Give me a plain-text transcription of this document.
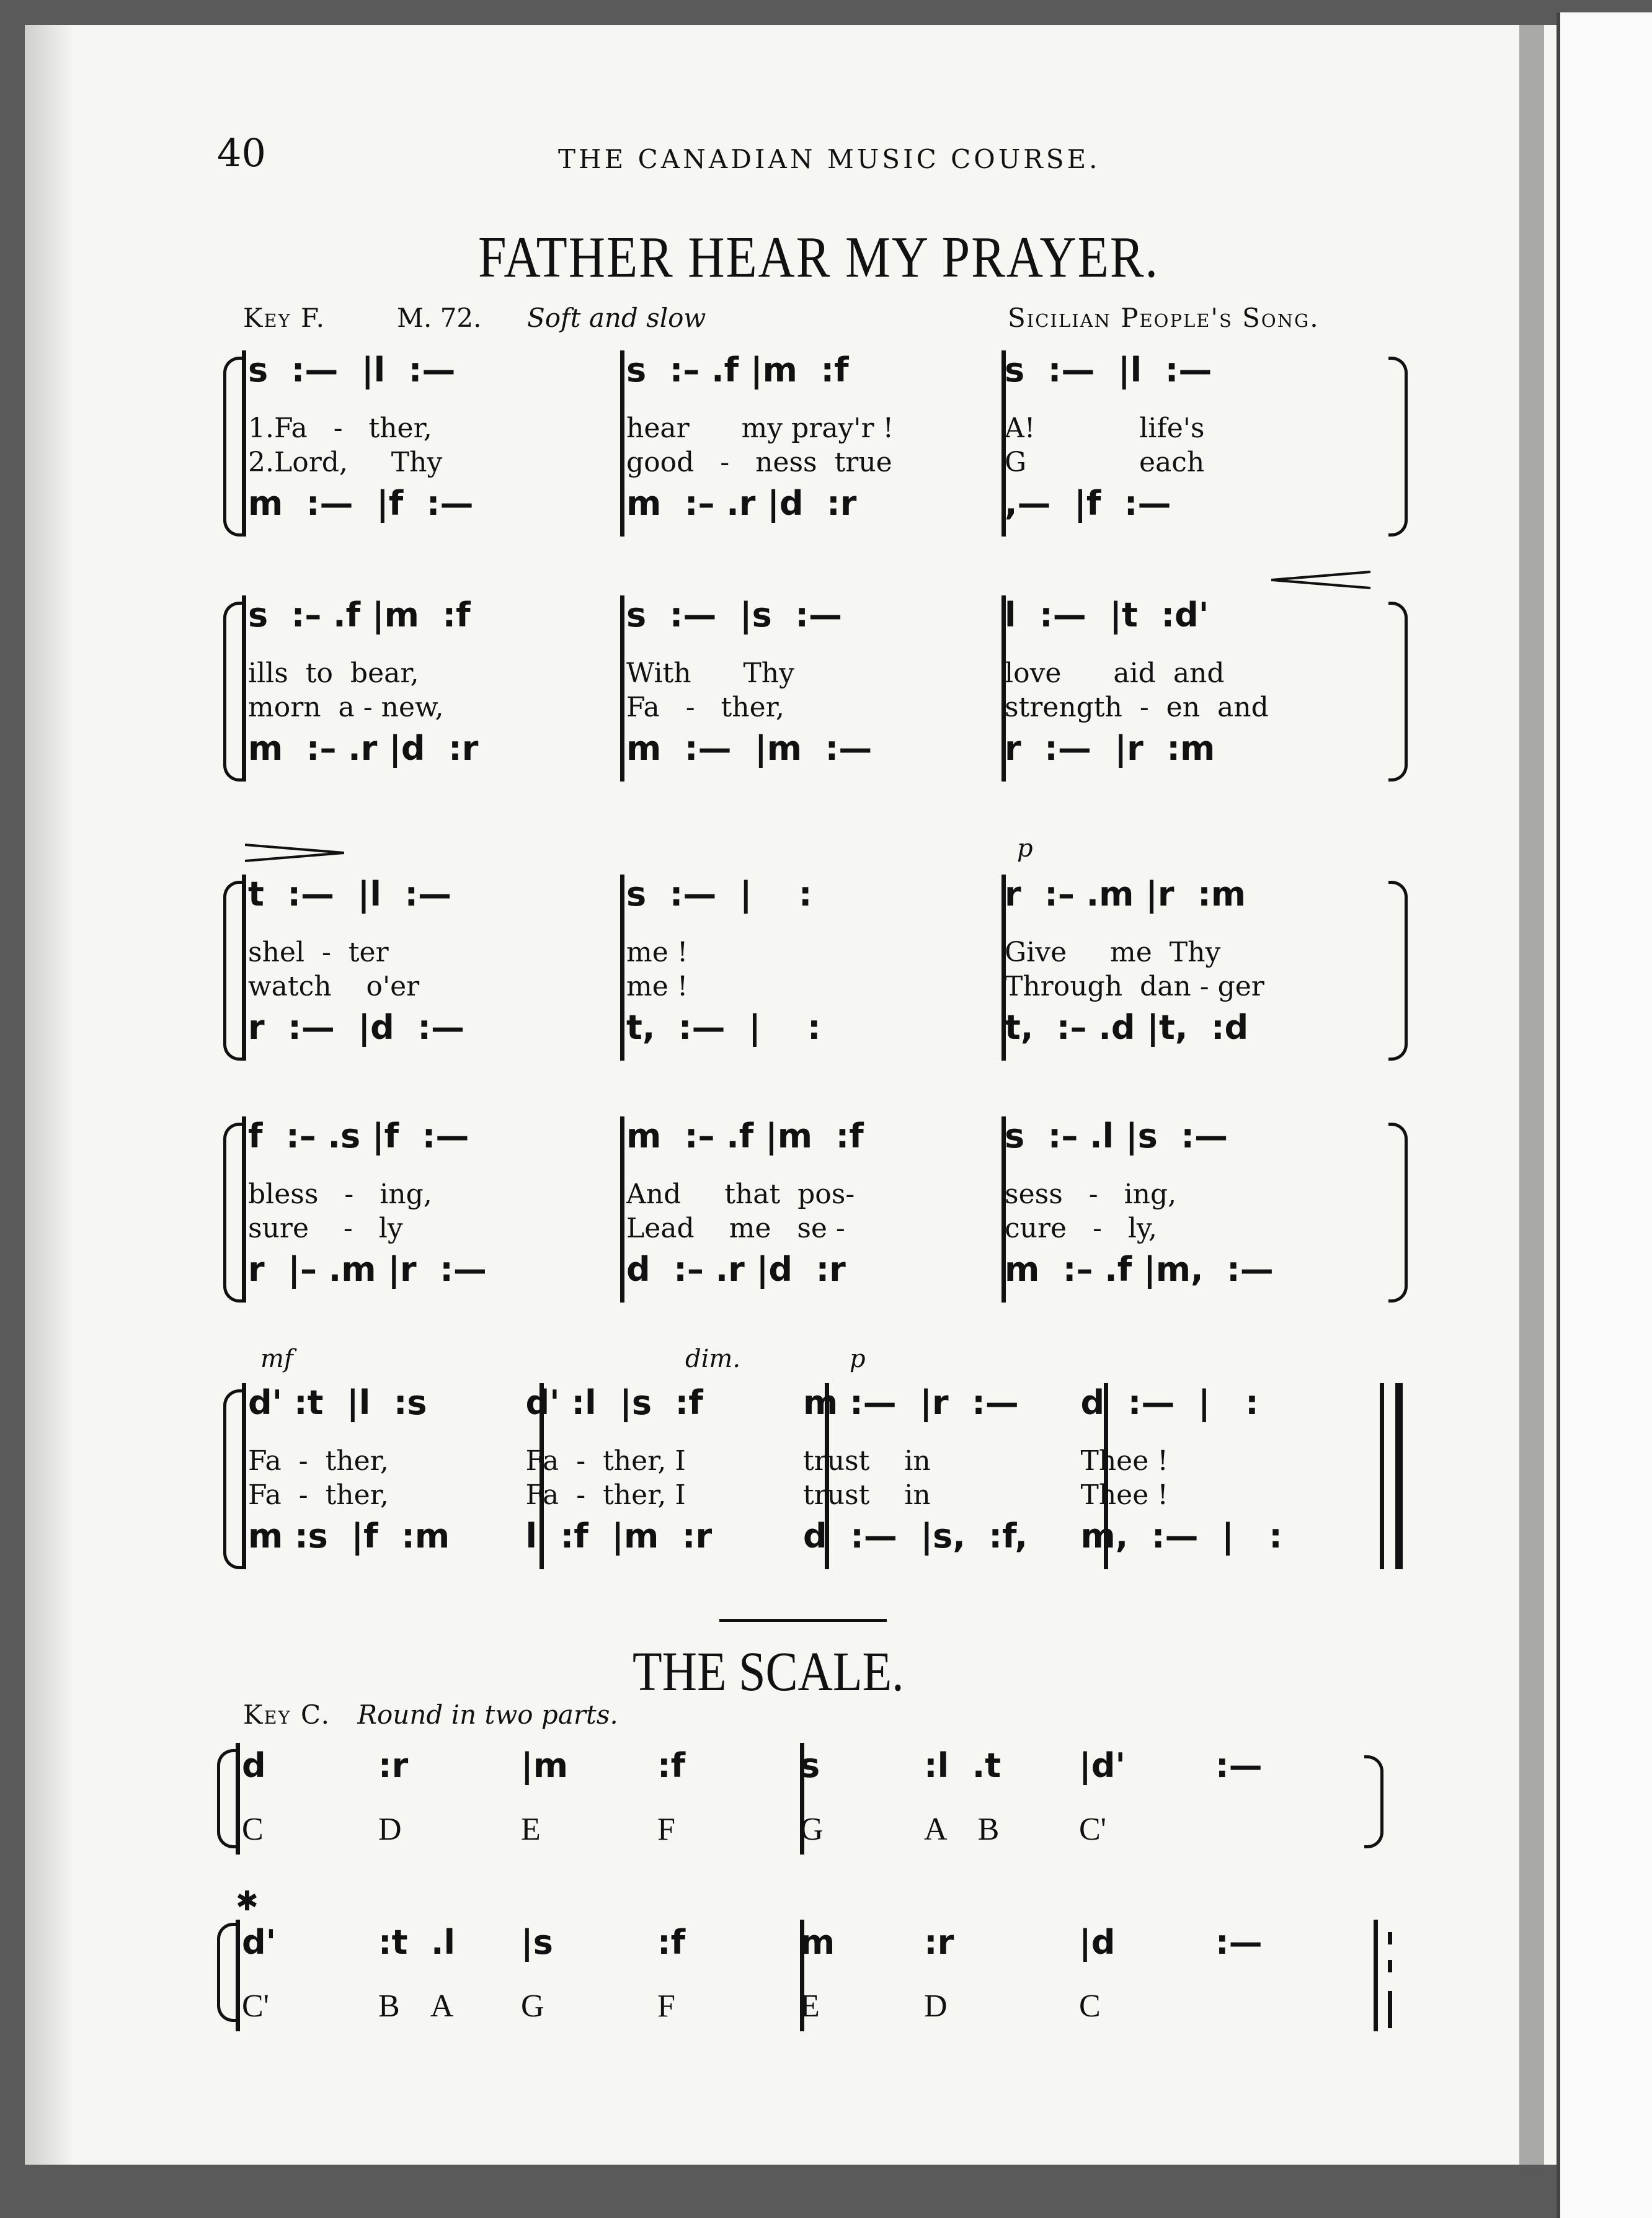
40	THE CANADIAN MUSIC COURSE.
FATHER HEAR MY PRAYER.
Key F.	M. 72. Soft and slow	Sicilian People's Song.
p
mf	dim.	p
s  :—  |l  :—	s  :– .f |m  :f	s  :—  |l  :—
1.Fa   -   ther,	hear      my pray'r !	A!            life's
2.Lord,     Thy	good   -   ness  true	G             each
m  :—  |f  :—	m  :– .r |d  :r	,—  |f  :—
s  :– .f |m  :f	s  :—  |s  :—	l  :—  |t  :d'
ills  to  bear,	With      Thy	love      aid  and
morn  a - new,	Fa   -   ther,	strength  -  en  and
m  :– .r |d  :r	m  :—  |m  :—	r  :—  |r  :m
t  :—  |l  :—	s  :—  |    :	r  :– .m |r  :m
shel  -  ter	me !	Give     me  Thy
watch    o'er	me !	Through  dan - ger
r  :—  |d  :—	t,  :—  |    :	t,  :– .d |t,  :d
f  :– .s |f  :—	m  :– .f |m  :f	s  :– .l |s  :—
bless   -   ing,	And     that  pos-	sess   -   ing,
sure    -   ly	Lead    me   se -	cure   -   ly,
r  |– .m |r  :—	d  :– .r |d  :r	m  :– .f |m,  :—
d' :t  |l  :s	d' :l  |s  :f	m :—  |r  :—	d  :—  |   :
Fa  -  ther,	Fa  -  ther, I	trust    in	Thee !
Fa  -  ther,	Fa  -  ther, I	trust    in	Thee !
m :s  |f  :m	l  :f  |m  :r	d  :—  |s,  :f,	m,  :—  |   :
THE SCALE.
Key C. Round in two parts.
d	:r	|m	:f	s	:l  .t	|d'	:—
C	D	E	F	G	A    B	C'
✱
d'	:t  .l	|s	:f	m	:r	|d	:—
C'	B    A	G	F	E	D	C
